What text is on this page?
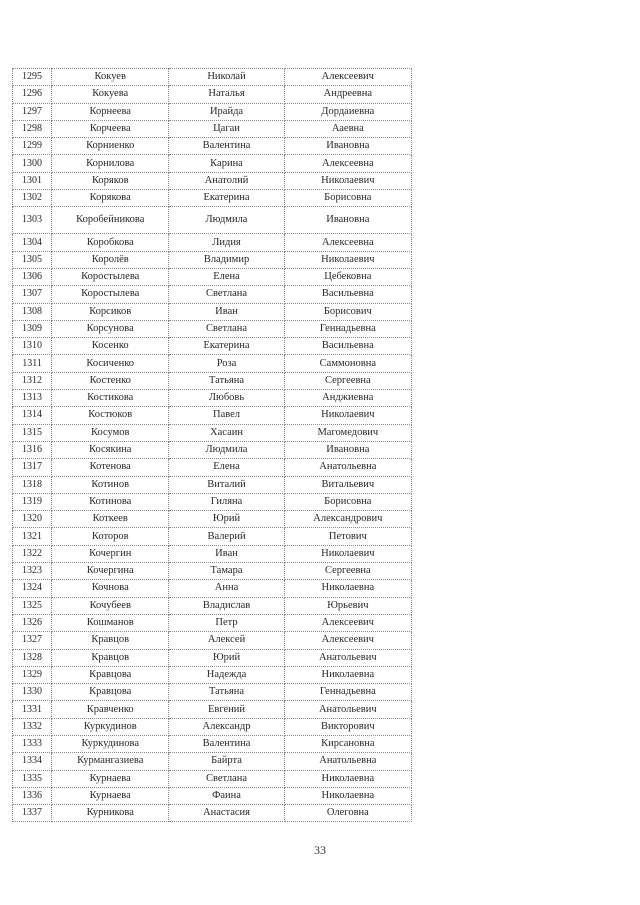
1295	Кокуев	Николай	Алексеевич
1296	Кокуева	Наталья	Андреевна
1297	Корнеева	Ирайда	Дордаиевна
1298	Корчеева	Цагаи	Ааевна
1299	Корниенко	Валентина	Ивановна
1300	Корнилова	Карина	Алексеевна
1301	Коряков	Анатолий	Николаевич
1302	Корякова	Екатерина	Борисовна
1303	Коробейникова	Людмила	Ивановна
1304	Коробкова	Лидия	Алексеевна
1305	Королёв	Владимир	Николаевич
1306	Коростылева	Елена	Цебековна
1307	Коростылева	Светлана	Васильевна
1308	Корсиков	Иван	Борисович
1309	Корсунова	Светлана	Геннадьевна
1310	Косенко	Екатерина	Васильевна
1311	Косиченко	Роза	Саммоновна
1312	Костенко	Татьяна	Сергеевна
1313	Костикова	Любовь	Анджиевна
1314	Костюков	Павел	Николаевич
1315	Косумов	Хасаин	Магомедович
1316	Косякина	Людмила	Ивановна
1317	Котенова	Елена	Анатольевна
1318	Котинов	Виталий	Витальевич
1319	Котинова	Гиляна	Борисовна
1320	Коткеев	Юрий	Александрович
1321	Которов	Валерий	Петович
1322	Кочергин	Иван	Николаевич
1323	Кочергина	Тамара	Сергеевна
1324	Кочнова	Анна	Николаевна
1325	Кочубеев	Владислав	Юрьевич
1326	Кошманов	Петр	Алексеевич
1327	Кравцов	Алексей	Алексеевич
1328	Кравцов	Юрий	Анатольевич
1329	Кравцова	Надежда	Николаевна
1330	Кравцова	Татьяна	Геннадьевна
1331	Кравченко	Евгений	Анатольевич
1332	Куркудинов	Александр	Викторович
1333	Куркудинова	Валентина	Кирсановна
1334	Курмангазиева	Байрта	Анатольевна
1335	Курнаева	Светлана	Николаевна
1336	Курнаева	Фаина	Николаевна
1337	Курникова	Анастасия	Олеговна
33
